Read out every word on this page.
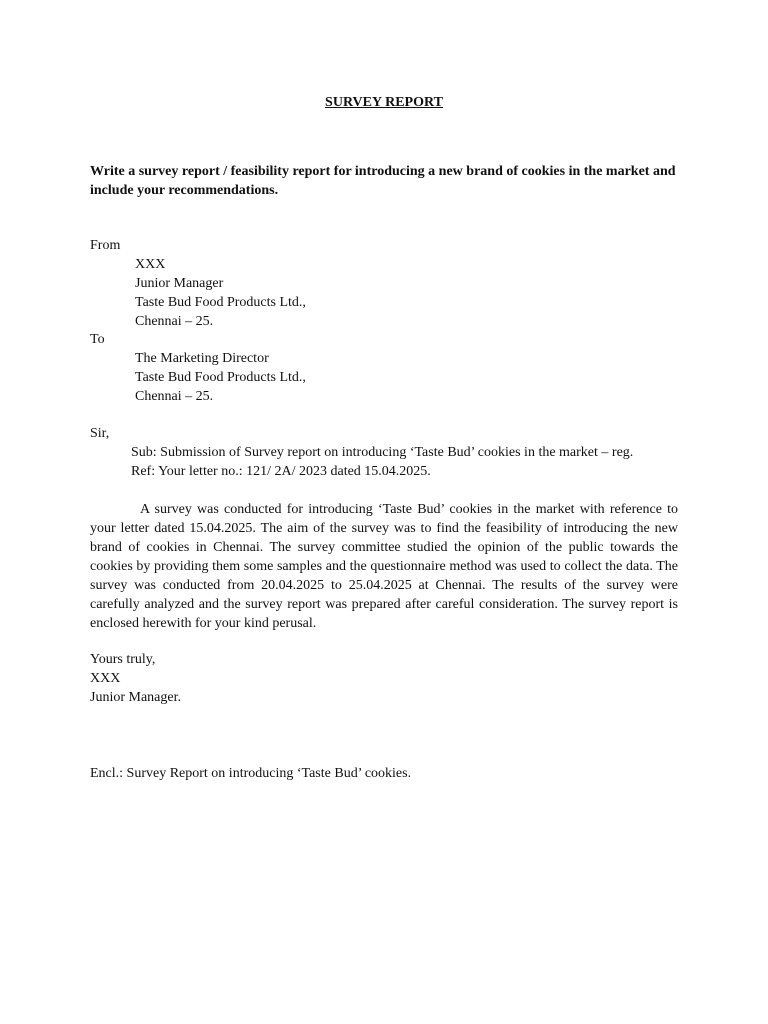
SURVEY REPORT
Write a survey report / feasibility report for introducing a new brand of cookies in the market and include your recommendations.
From
XXX
Junior Manager
Taste Bud Food Products Ltd.,
Chennai – 25.
To
The Marketing Director
Taste Bud Food Products Ltd.,
Chennai – 25.
Sir,
Sub: Submission of Survey report on introducing ‘Taste Bud’ cookies in the market – reg.
Ref: Your letter no.: 121/ 2A/ 2023 dated 15.04.2025.
A survey was conducted for introducing ‘Taste Bud’ cookies in the market with reference to your letter dated 15.04.2025. The aim of the survey was to find the feasibility of introducing the new brand of cookies in Chennai. The survey committee studied the opinion of the public towards the cookies by providing them some samples and the questionnaire method was used to collect the data. The survey was conducted from 20.04.2025 to 25.04.2025 at Chennai. The results of the survey were carefully analyzed and the survey report was prepared after careful consideration. The survey report is enclosed herewith for your kind perusal.
Yours truly,
XXX
Junior Manager.
Encl.: Survey Report on introducing ‘Taste Bud’ cookies.
